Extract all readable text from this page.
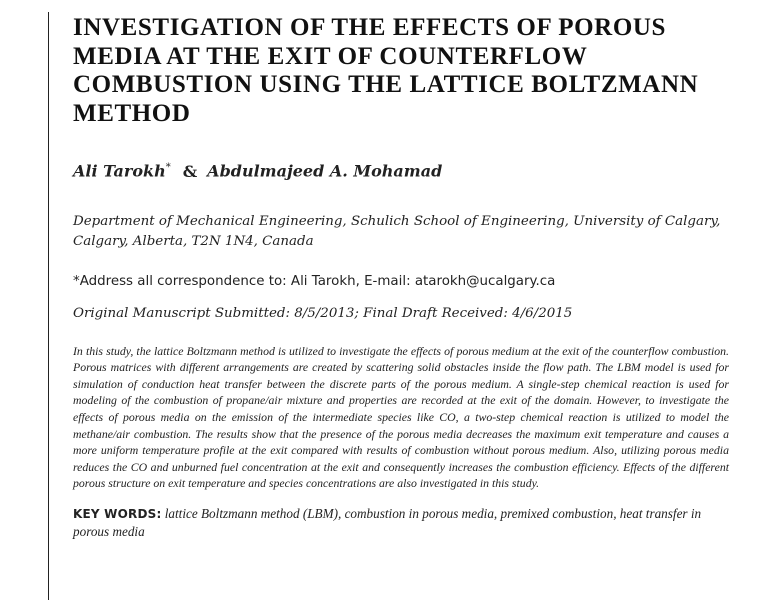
INVESTIGATION OF THE EFFECTS OF POROUS MEDIA AT THE EXIT OF COUNTERFLOW COMBUSTION USING THE LATTICE BOLTZMANN METHOD
Ali Tarokh* & Abdulmajeed A. Mohamad
Department of Mechanical Engineering, Schulich School of Engineering, University of Calgary, Calgary, Alberta, T2N 1N4, Canada
*Address all correspondence to: Ali Tarokh, E-mail: atarokh@ucalgary.ca
Original Manuscript Submitted: 8/5/2013; Final Draft Received: 4/6/2015

In this study, the lattice Boltzmann method is utilized to investigate the effects of porous medium at the exit of the counterflow combustion. Porous matrices with different arrangements are created by scattering solid obstacles inside the flow path. The LBM model is used for simulation of conduction heat transfer between the discrete parts of the porous medium. A single-step chemical reaction is used for modeling of the combustion of propane/air mixture and properties are recorded at the exit of the domain. However, to investigate the effects of porous media on the emission of the intermediate species like CO, a two-step chemical reaction is utilized to model the methane/air combustion. The results show that the presence of the porous media decreases the maximum exit temperature and causes a more uniform temperature profile at the exit compared with results of combustion without porous medium. Also, utilizing porous media reduces the CO and unburned fuel concentration at the exit and consequently increases the combustion efficiency. Effects of the different porous structure on exit temperature and species concentrations are also investigated in this study.

KEY WORDS: lattice Boltzmann method (LBM), combustion in porous media, premixed combustion, heat transfer in porous media
